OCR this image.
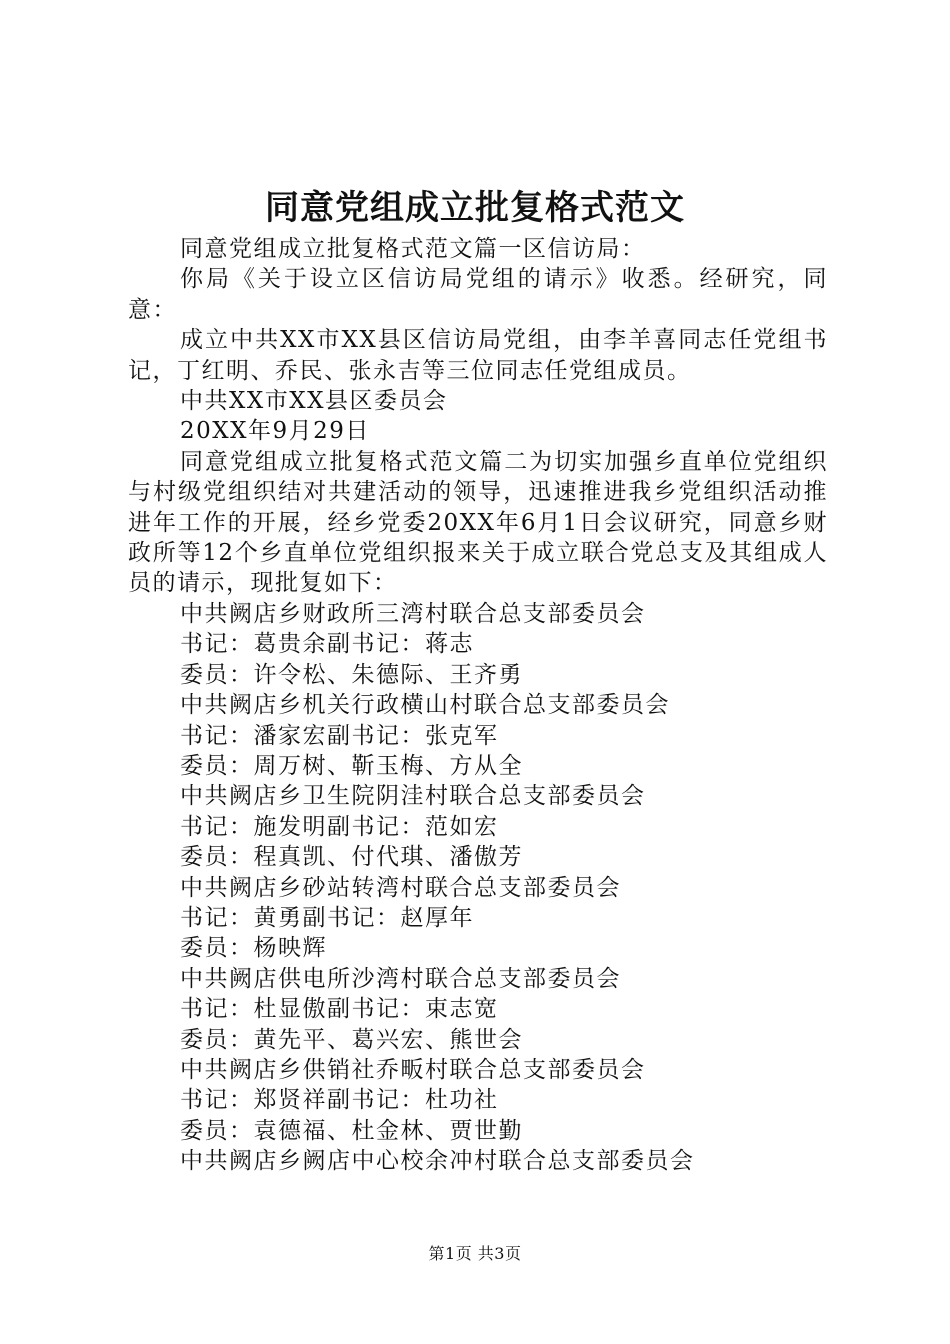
同意党组成立批复格式范文

同意党组成立批复格式范文篇一区信访局：

你局《关于设立区信访局党组的请示》收悉。经研究，同意：

成立中共XX市XX县区信访局党组，由李羊喜同志任党组书记，丁红明、乔民、张永吉等三位同志任党组成员。

中共XX市XX县区委员会

20XX年9月29日

同意党组成立批复格式范文篇二为切实加强乡直单位党组织与村级党组织结对共建活动的领导，迅速推进我乡党组织活动推进年工作的开展，经乡党委20XX年6月1日会议研究，同意乡财政所等12个乡直单位党组织报来关于成立联合党总支及其组成人员的请示，现批复如下：

中共阙店乡财政所三湾村联合总支部委员会

书记：葛贵余副书记：蒋志

委员：许令松、朱德际、王齐勇

中共阙店乡机关行政横山村联合总支部委员会

书记：潘家宏副书记：张克军

委员：周万树、靳玉梅、方从全

中共阙店乡卫生院阴洼村联合总支部委员会

书记：施发明副书记：范如宏

委员：程真凯、付代琪、潘傲芳

中共阙店乡砂站转湾村联合总支部委员会

书记：黄勇副书记：赵厚年

委员：杨映辉

中共阙店供电所沙湾村联合总支部委员会

书记：杜显傲副书记：束志宽

委员：黄先平、葛兴宏、熊世会

中共阙店乡供销社乔畈村联合总支部委员会

书记：郑贤祥副书记：杜功社

委员：袁德福、杜金林、贾世勤

中共阙店乡阙店中心校余冲村联合总支部委员会

第1页 共3页
